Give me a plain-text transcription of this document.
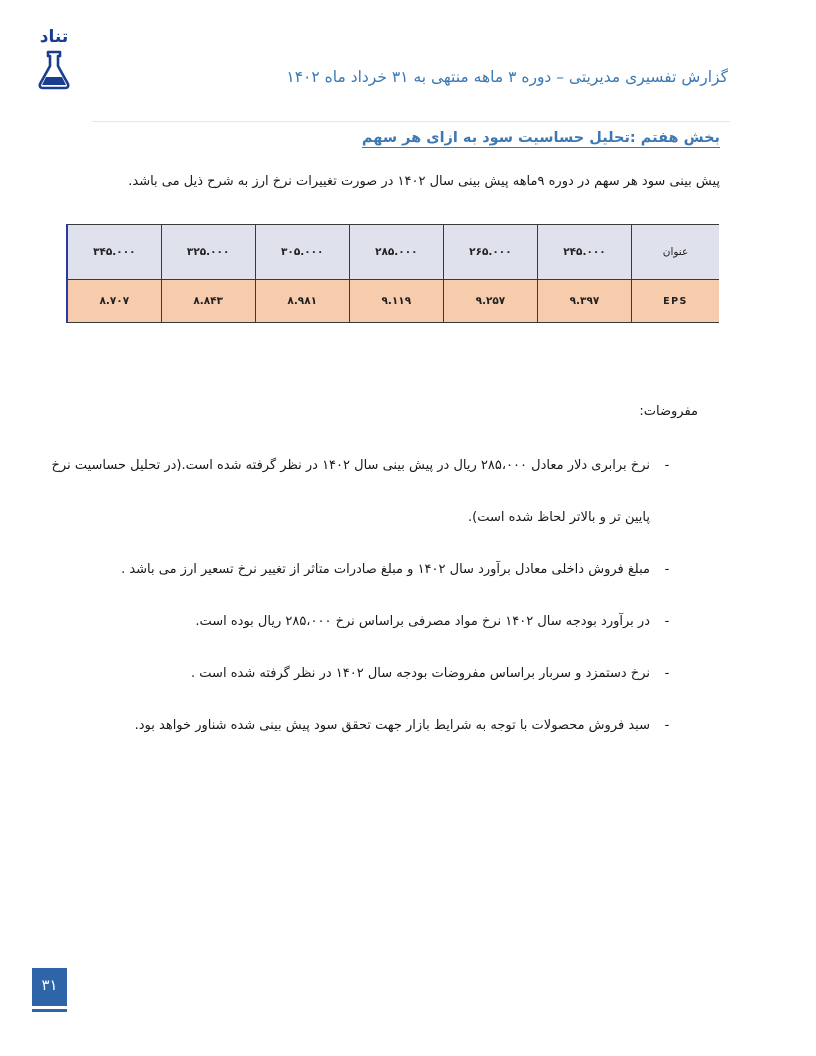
تناد
گزارش تفسیری مدیریتی – دوره ۳ ماهه منتهی به ۳۱ خرداد ماه ۱۴۰۲
بخش هفتم :تحلیل حساسیت سود به ازای هر سهم
پیش بینی سود هر سهم در دوره ۹ماهه پیش بینی سال ۱۴۰۲ در صورت تغییرات نرخ ارز به شرح ذیل می باشد.
عنوان	۲۴۵.۰۰۰	۲۶۵.۰۰۰	۲۸۵.۰۰۰	۳۰۵.۰۰۰	۳۲۵.۰۰۰	۳۴۵.۰۰۰
EPS	۹.۳۹۷	۹.۲۵۷	۹.۱۱۹	۸.۹۸۱	۸.۸۴۳	۸.۷۰۷
مفروضات:
-
نرخ برابری دلار معادل ۲۸۵،۰۰۰ ریال در پیش بینی سال ۱۴۰۲ در نظر گرفته شده است.(در تحلیل حساسیت نرخ
پایین تر و بالاتر لحاظ شده است).
-
مبلغ فروش داخلی معادل برآورد سال ۱۴۰۲ و مبلغ صادرات متاثر از تغییر نرخ تسعیر ارز می باشد .
-
در برآورد بودجه سال ۱۴۰۲ نرخ مواد مصرفی براساس نرخ ۲۸۵،۰۰۰ ریال بوده است.
-
نرخ دستمزد و سربار براساس مفروضات بودجه سال ۱۴۰۲ در نظر گرفته شده است .
-
سبد فروش محصولات با توجه به شرایط بازار جهت تحقق سود پیش بینی شده شناور خواهد بود.
۳۱
